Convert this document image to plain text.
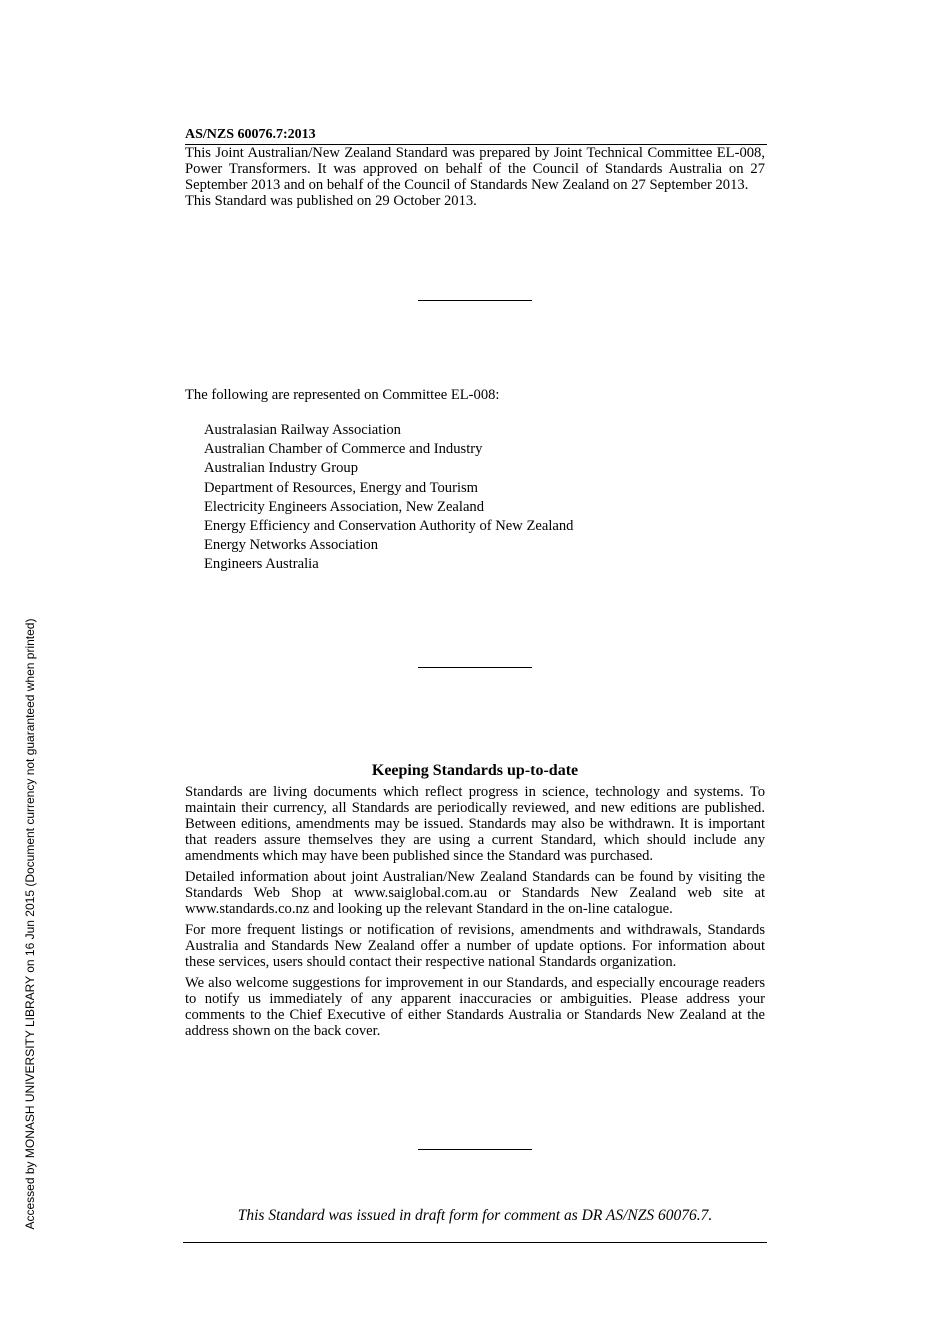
AS/NZS 60076.7:2013
This Joint Australian/New Zealand Standard was prepared by Joint Technical Committee EL-008, Power Transformers. It was approved on behalf of the Council of Standards Australia on 27 September 2013 and on behalf of the Council of Standards New Zealand on 27 September 2013.
This Standard was published on 29 October 2013.
The following are represented on Committee EL-008:
Australasian Railway Association
Australian Chamber of Commerce and Industry
Australian Industry Group
Department of Resources, Energy and Tourism
Electricity Engineers Association, New Zealand
Energy Efficiency and Conservation Authority of New Zealand
Energy Networks Association
Engineers Australia
Keeping Standards up-to-date

Standards are living documents which reflect progress in science, technology and systems. To maintain their currency, all Standards are periodically reviewed, and new editions are published. Between editions, amendments may be issued. Standards may also be withdrawn. It is important that readers assure themselves they are using a current Standard, which should include any amendments which may have been published since the Standard was purchased.

Detailed information about joint Australian/New Zealand Standards can be found by visiting the Standards Web Shop at www.saiglobal.com.au or Standards New Zealand web site at www.standards.co.nz and looking up the relevant Standard in the on-line catalogue.

For more frequent listings or notification of revisions, amendments and withdrawals, Standards Australia and Standards New Zealand offer a number of update options. For information about these services, users should contact their respective national Standards organization.

We also welcome suggestions for improvement in our Standards, and especially encourage readers to notify us immediately of any apparent inaccuracies or ambiguities. Please address your comments to the Chief Executive of either Standards Australia or Standards New Zealand at the address shown on the back cover.

This Standard was issued in draft form for comment as DR AS/NZS 60076.7.
Accessed by MONASH UNIVERSITY LIBRARY on 16 Jun 2015 (Document currency not guaranteed when printed)
